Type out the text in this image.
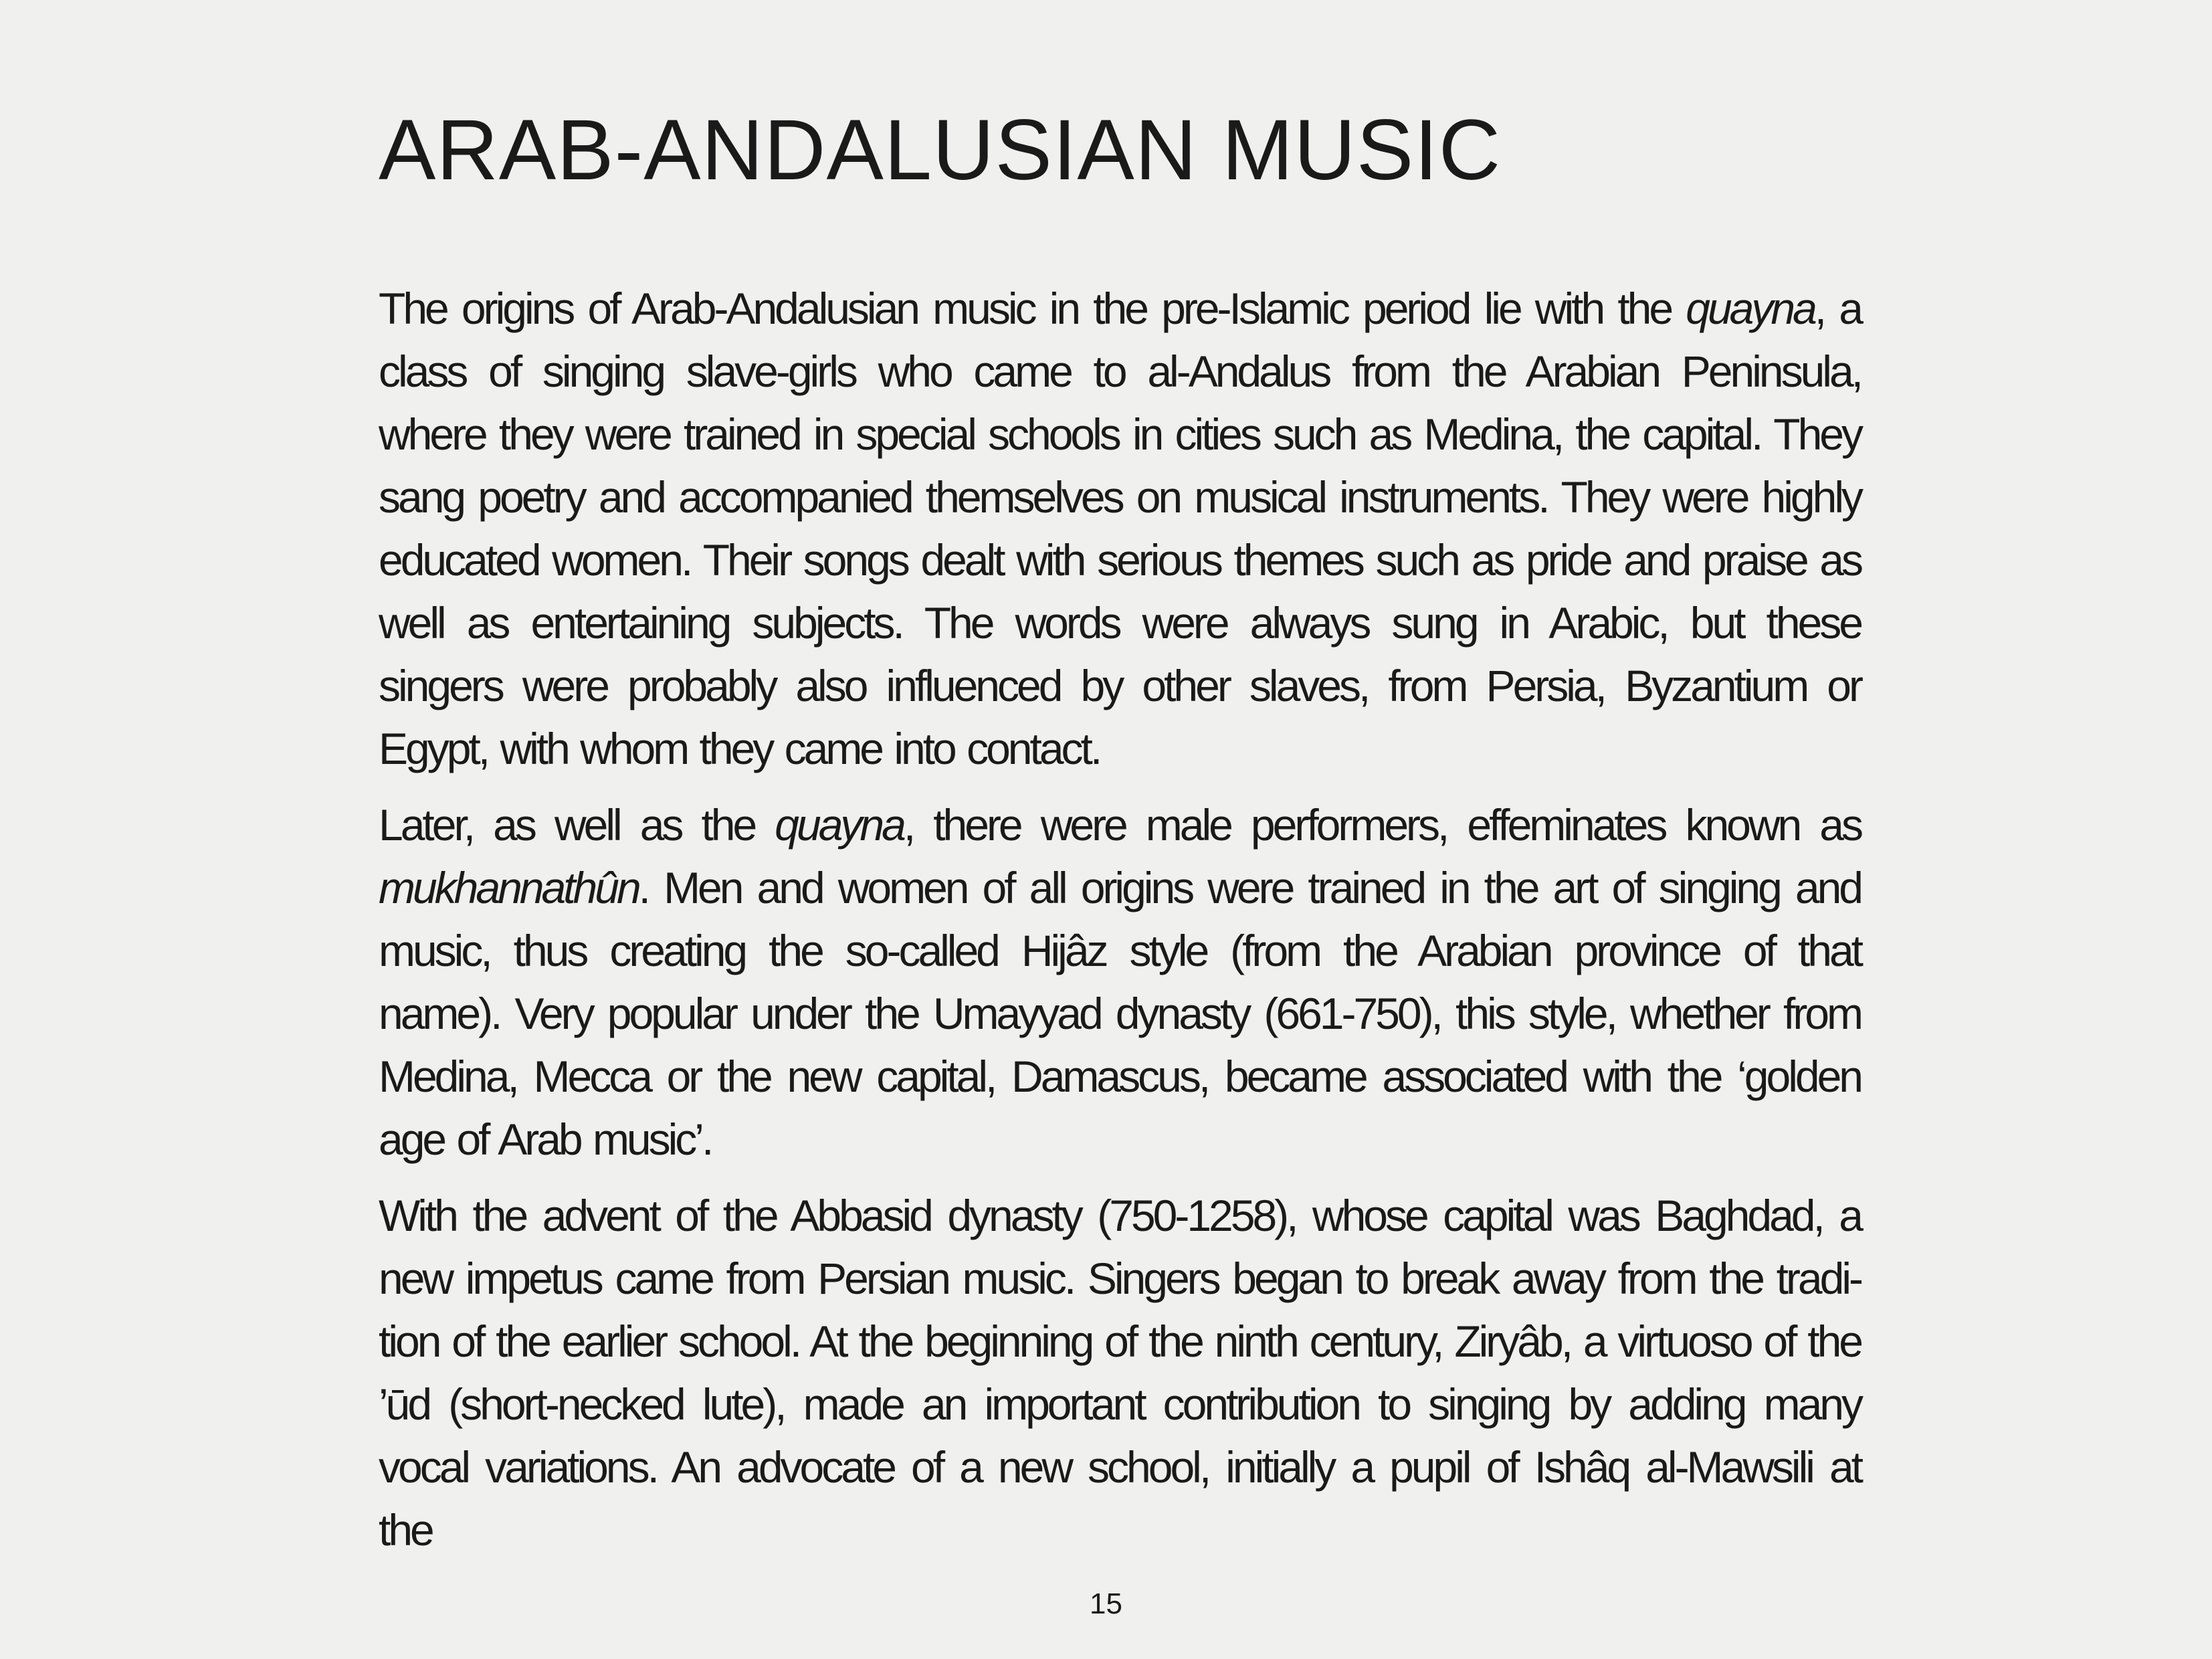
ARAB-ANDALUSIAN MUSIC

The origins of Arab-Andalusian music in the pre-Islamic period lie with the quayna, a class of singing slave-girls who came to al-Andalus from the Arabian Peninsula, where they were trained in special schools in cities such as Medina, the capital. They sang poetry and accompanied themselves on musical instruments. They were highly educated women. Their songs dealt with serious themes such as pride and praise as well as entertaining subjects. The words were always sung in Arabic, but these singers were probably also influenced by other slaves, from Persia, Byzantium or Egypt, with whom they came into contact.

Later, as well as the quayna, there were male performers, effeminates known as mukhannathûn. Men and women of all origins were trained in the art of singing and music, thus creating the so-called Hijâz style (from the Arabian province of that name). Very popular under the Umayyad dynasty (661-750), this style, whether from Medina, Mecca or the new capital, Damascus, became associated with the ‘golden age of Arab music’.

With the advent of the Abbasid dynasty (750-1258), whose capital was Baghdad, a new impetus came from Persian music. Singers began to break away from the tradi-tion of the earlier school. At the beginning of the ninth century, Ziryâb, a virtuoso of the ’ūd (short-necked lute), made an important contribution to singing by adding many vocal variations. An advocate of a new school, initially a pupil of Ishâq al-Mawsili at the

15
